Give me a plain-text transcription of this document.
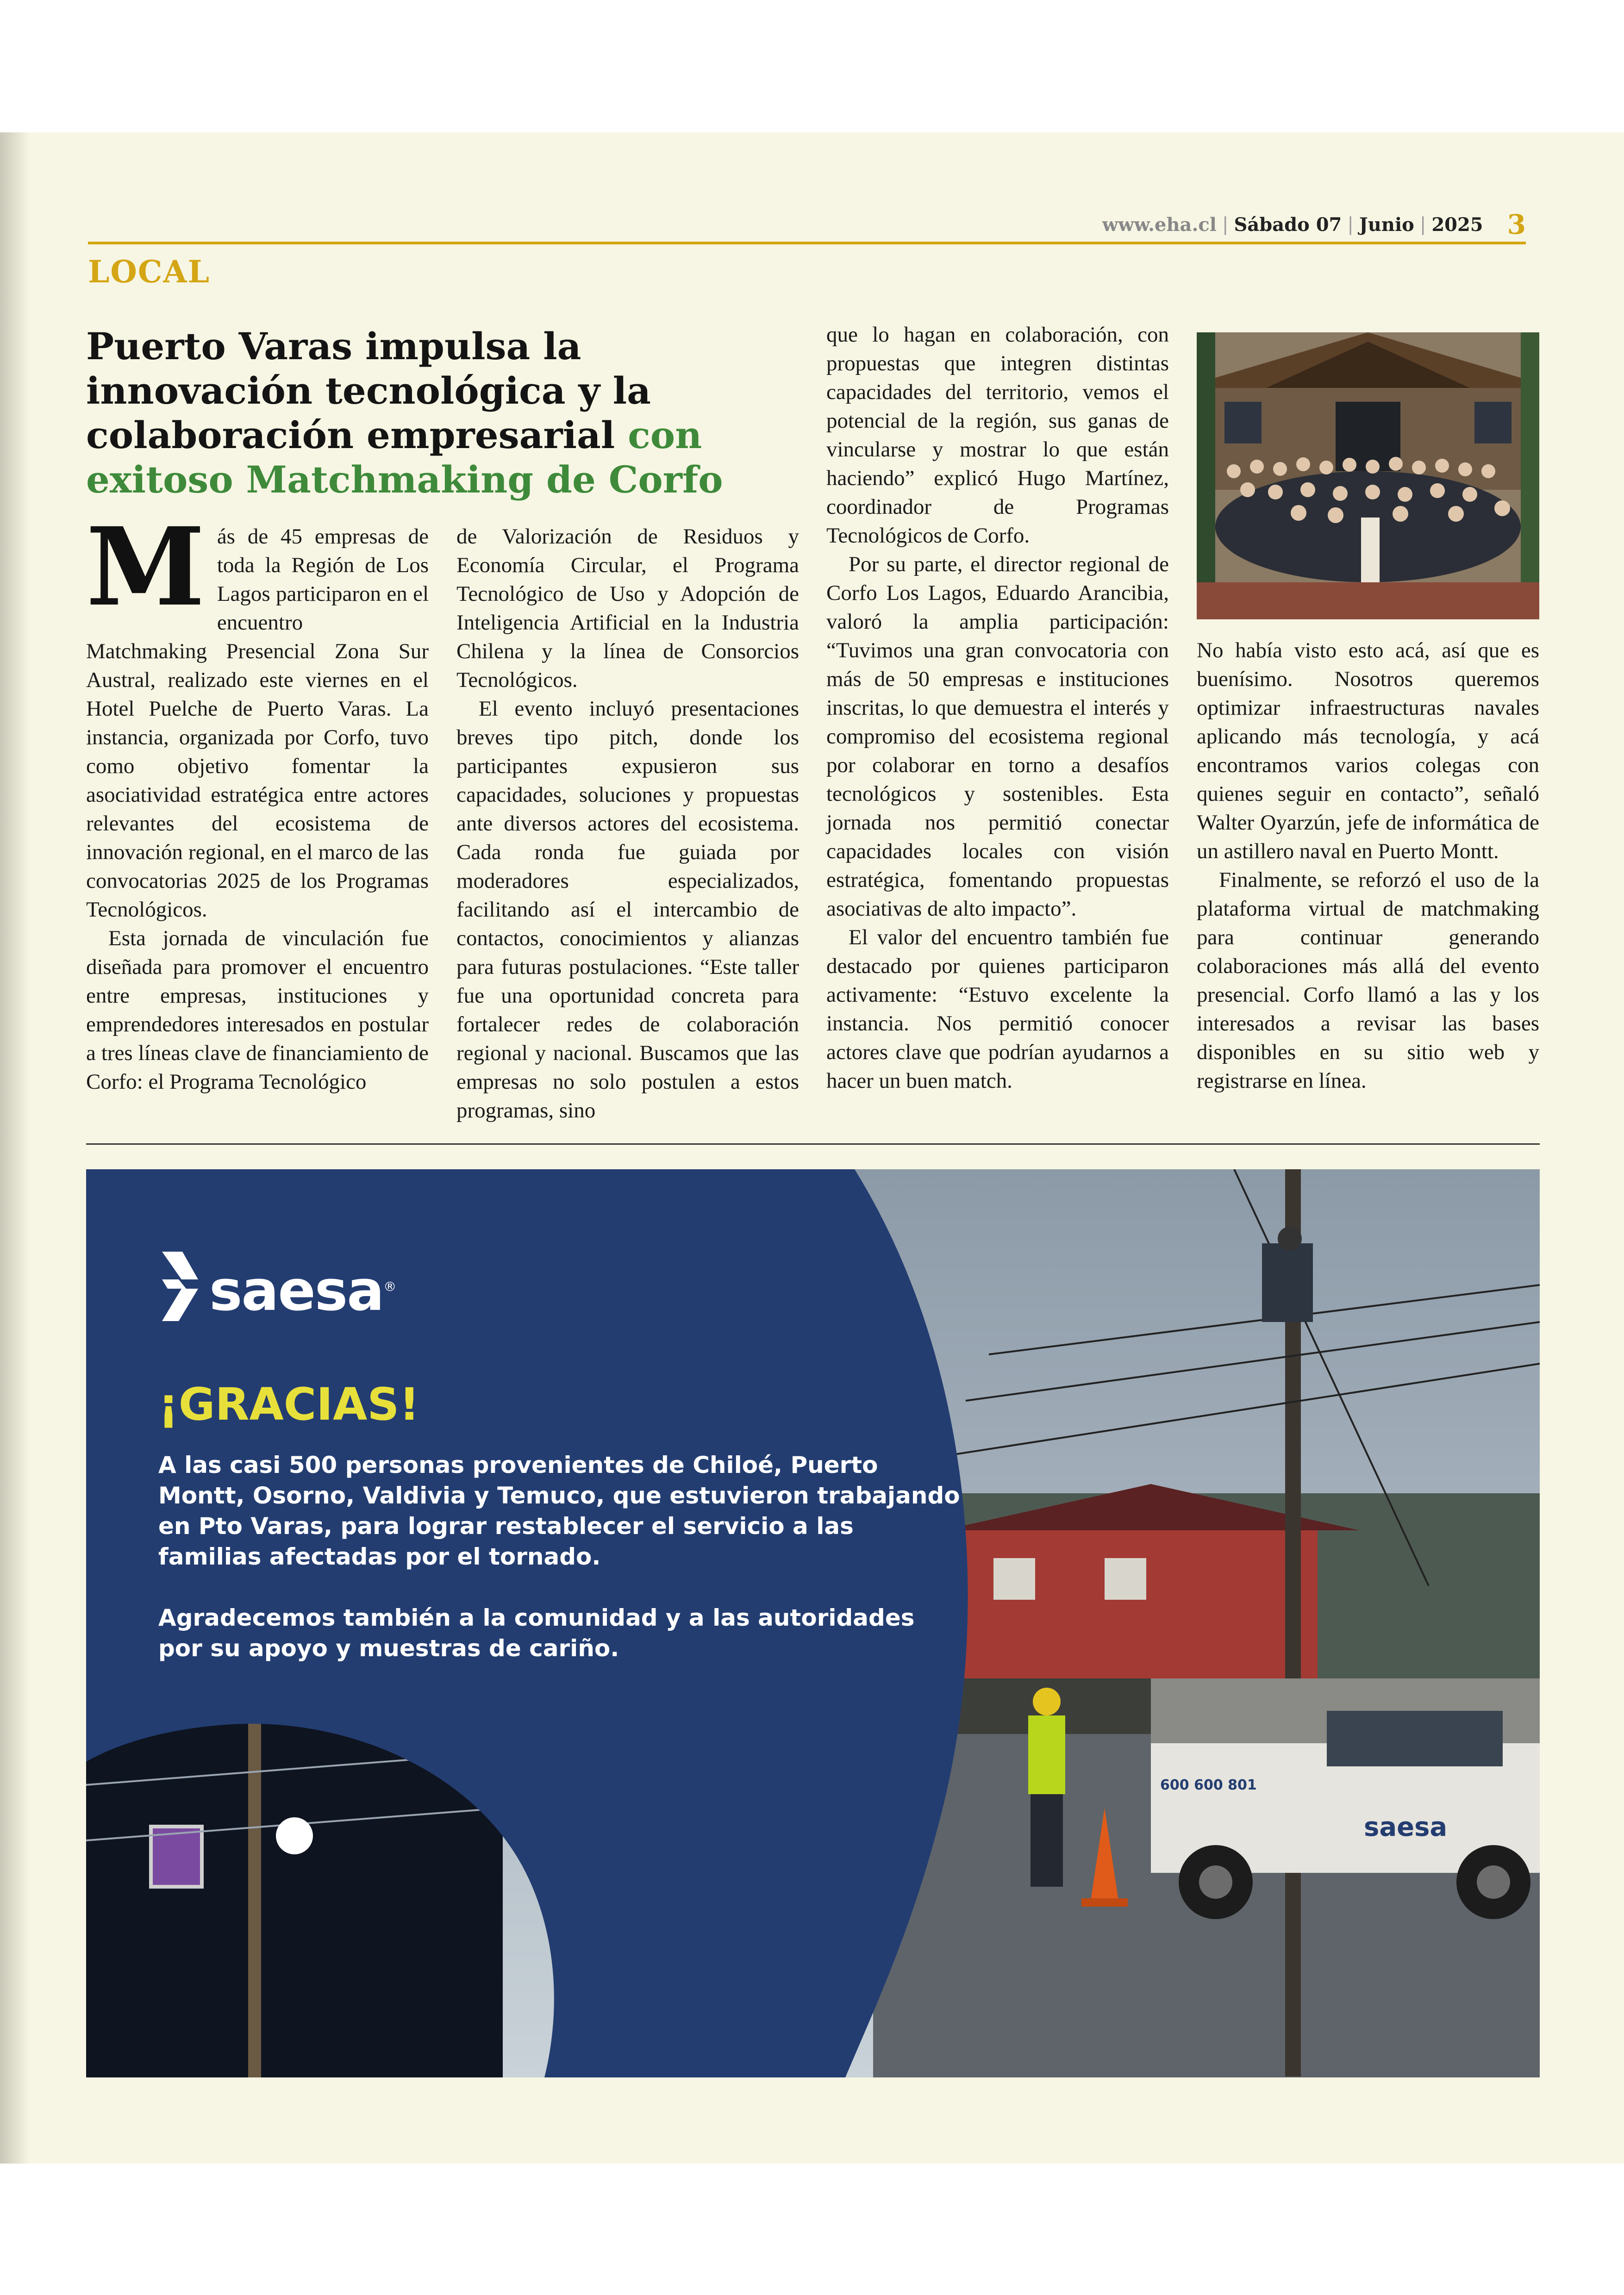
www.eha.cl | Sábado 07 | Junio | 2025 3
LOCAL
Puerto Varas impulsa la innovación tecnológica y la colaboración empresarial con exitoso Matchmaking de Corfo

Más de 45 empresas de toda la Región de Los Lagos participaron en el encuentro Matchmaking Presencial Zona Sur Austral, realizado este viernes en el Hotel Puelche de Puerto Varas. La instancia, organizada por Corfo, tuvo como objetivo fomentar la asociatividad estratégica entre actores relevantes del ecosistema de innovación regional, en el marco de las convocatorias 2025 de los Programas Tecnológicos.

Esta jornada de vinculación fue diseñada para promover el encuentro entre empresas, instituciones y emprendedores interesados en postular a tres líneas clave de financiamiento de Corfo: el Programa Tecnológico

de Valorización de Residuos y Economía Circular, el Programa Tecnológico de Uso y Adopción de Inteligencia Artificial en la Industria Chilena y la línea de Consorcios Tecnológicos.

El evento incluyó presentaciones breves tipo pitch, donde los participantes expusieron sus capacidades, soluciones y propuestas ante diversos actores del ecosistema. Cada ronda fue guiada por moderadores especializados, facilitando así el intercambio de contactos, conocimientos y alianzas para futuras postulaciones. “Este taller fue una oportunidad concreta para fortalecer redes de colaboración regional y nacional. Buscamos que las empresas no solo postulen a estos programas, sino

que lo hagan en colaboración, con propuestas que integren distintas capacidades del territorio, vemos el potencial de la región, sus ganas de vincularse y mostrar lo que están haciendo” explicó Hugo Martínez, coordinador de Programas Tecnológicos de Corfo.

Por su parte, el director regional de Corfo Los Lagos, Eduardo Arancibia, valoró la amplia participación: “Tuvimos una gran convocatoria con más de 50 empresas e instituciones inscritas, lo que demuestra el interés y compromiso del ecosistema regional por colaborar en torno a desafíos tecnológicos y sostenibles. Esta jornada nos permitió conectar capacidades locales con visión estratégica, fomentando propuestas asociativas de alto impacto”.

El valor del encuentro también fue destacado por quienes participaron activamente: “Estuvo excelente la instancia. Nos permitió conocer actores clave que podrían ayudarnos a hacer un buen match.

No había visto esto acá, así que es buenísimo. Nosotros queremos optimizar infraestructuras navales aplicando más tecnología, y acá encontramos varios colegas con quienes seguir en contacto”, señaló Walter Oyarzún, jefe de informática de un astillero naval en Puerto Montt.

Finalmente, se reforzó el uso de la plataforma virtual de matchmaking para continuar generando colaboraciones más allá del evento presencial. Corfo llamó a las y los interesados a revisar las bases disponibles en su sitio web y registrarse en línea.

600 600 801
saesa
saesa®
¡GRACIAS!

A las casi 500 personas provenientes de Chiloé, Puerto Montt, Osorno, Valdivia y Temuco, que estuvieron trabajando en Pto Varas, para lograr restablecer el servicio a las familias afectadas por el tornado.

Agradecemos también a la comunidad y a las autoridades por su apoyo y muestras de cariño.
